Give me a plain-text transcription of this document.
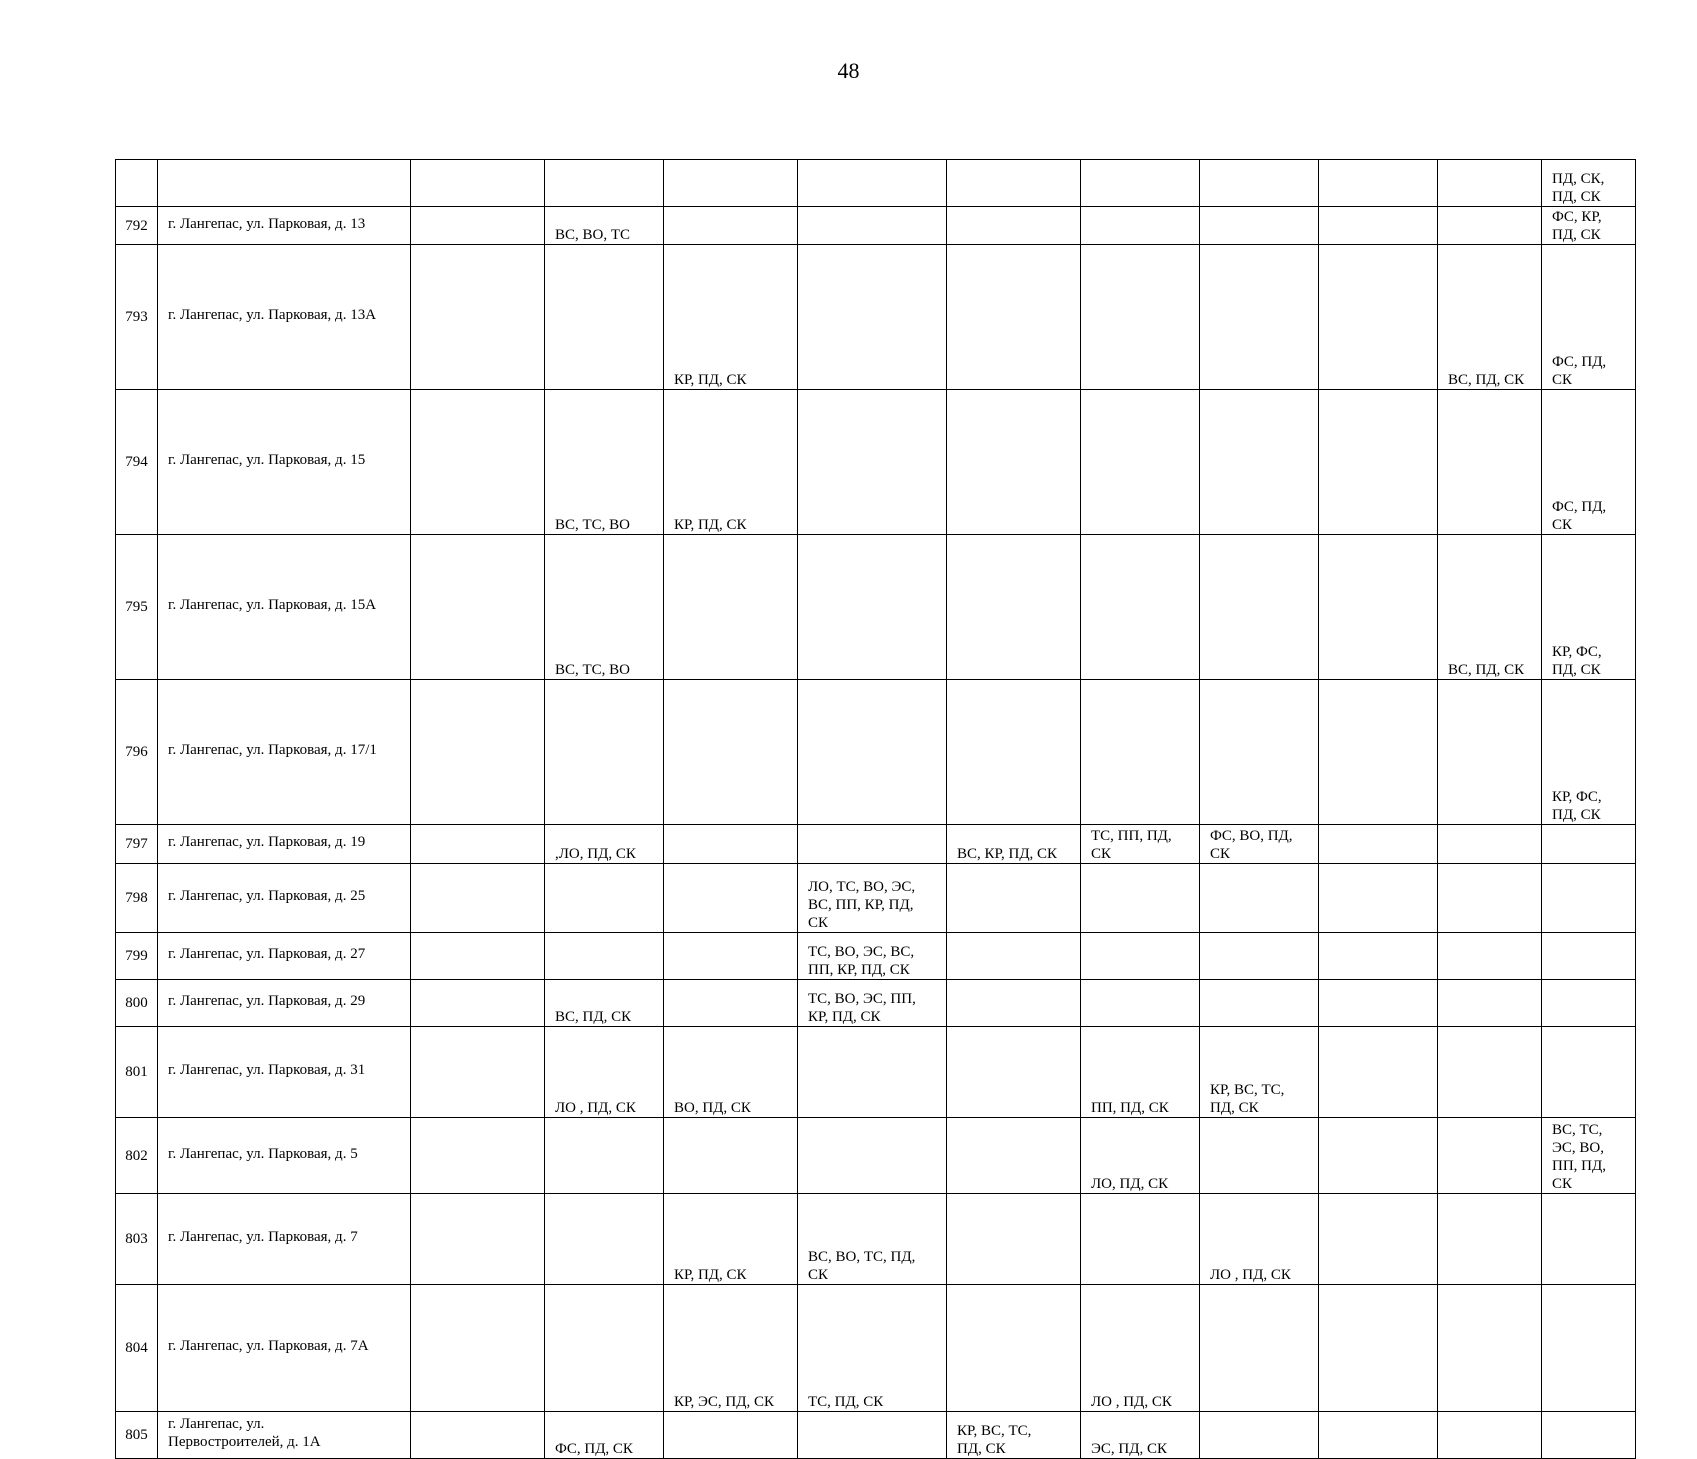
48
											ПД, СК,
ПД, СК	
792	г. Лангепас, ул. Парковая, д. 13		ВС, ВО, ТС								ФС, КР,
ПД, СК	
793	г. Лангепас, ул. Парковая, д. 13А			КР, ПД, СК						ВС, ПД, СК	ФС, ПД,
СК	
794	г. Лангепас, ул. Парковая, д. 15		ВС, ТС, ВО	КР, ПД, СК							ФС, ПД,
СК	
795	г. Лангепас, ул. Парковая, д. 15А		ВС, ТС, ВО							ВС, ПД, СК	КР, ФС,
ПД, СК	
796	г. Лангепас, ул. Парковая, д. 17/1										КР, ФС,
ПД, СК	
797	г. Лангепас, ул. Парковая, д. 19		,ЛО, ПД, СК			ВС, КР, ПД, СК	ТС, ПП, ПД,
СК	ФС, ВО, ПД,
СК				
798	г. Лангепас, ул. Парковая, д. 25				ЛО, ТС, ВО, ЭС,
ВС, ПП, КР, ПД,
СК							
799	г. Лангепас, ул. Парковая, д. 27				ТС, ВО, ЭС, ВС,
ПП, КР, ПД, СК							
800	г. Лангепас, ул. Парковая, д. 29		ВС, ПД, СК		ТС, ВО, ЭС, ПП,
КР, ПД, СК							
801	г. Лангепас, ул. Парковая, д. 31		ЛО , ПД, СК	ВО, ПД, СК			ПП, ПД, СК	КР, ВС, ТС,
ПД, СК				
802	г. Лангепас, ул. Парковая, д. 5						ЛО, ПД, СК				ВС, ТС,
ЭС, ВО,
ПП, ПД,
СК	
803	г. Лангепас, ул. Парковая, д. 7			КР, ПД, СК	ВС, ВО, ТС, ПД,
СК			ЛО , ПД, СК				
804	г. Лангепас, ул. Парковая, д. 7А			КР, ЭС, ПД, СК	ТС, ПД, СК		ЛО , ПД, СК					
805	г. Лангепас, ул.
Первостроителей, д. 1А		ФС, ПД, СК			КР, ВС, ТС,
ПД, СК	ЭС, ПД, СК					
